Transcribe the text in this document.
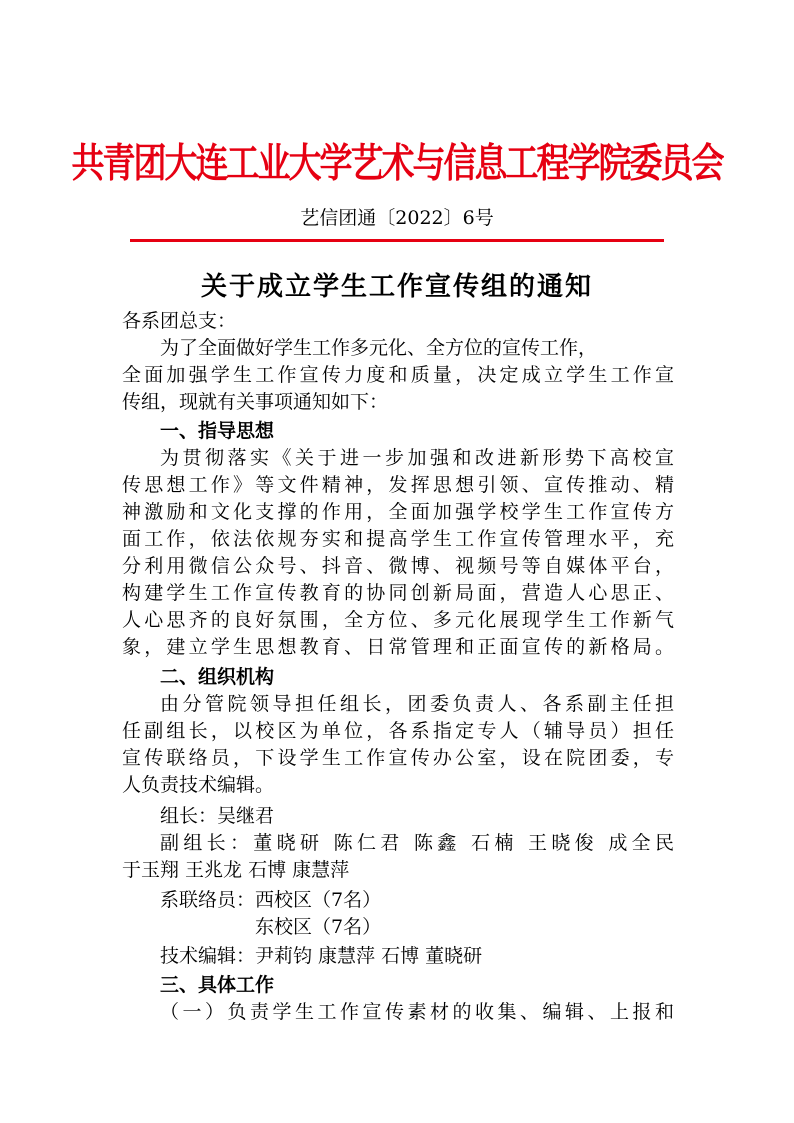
共青团大连工业大学艺术与信息工程学院委员会
艺信团通〔2022〕6号
关于成立学生工作宣传组的通知
各系团总支：
为了全面做好学生工作多元化、全方位的宣传工作，
全面加强学生工作宣传力度和质量，决定成立学生工作宣
传组，现就有关事项通知如下：
一、指导思想
为贯彻落实《关于进一步加强和改进新形势下高校宣
传思想工作》等文件精神，发挥思想引领、宣传推动、精
神激励和文化支撑的作用，全面加强学校学生工作宣传方
面工作，依法依规夯实和提高学生工作宣传管理水平，充
分利用微信公众号、抖音、微博、视频号等自媒体平台，
构建学生工作宣传教育的协同创新局面，营造人心思正、
人心思齐的良好氛围，全方位、多元化展现学生工作新气
象，建立学生思想教育、日常管理和正面宣传的新格局。
二、组织机构
由分管院领导担任组长，团委负责人、各系副主任担
任副组长，以校区为单位，各系指定专人（辅导员）担任
宣传联络员，下设学生工作宣传办公室，设在院团委，专
人负责技术编辑。
组长：吴继君
副组长：董晓研 陈仁君 陈鑫 石楠 王晓俊 成全民
于玉翔 王兆龙 石博 康慧萍
系联络员：西校区（7名）
东校区（7名）
技术编辑：尹莉钧 康慧萍 石博 董晓研
三、具体工作
（一）负责学生工作宣传素材的收集、编辑、上报和
